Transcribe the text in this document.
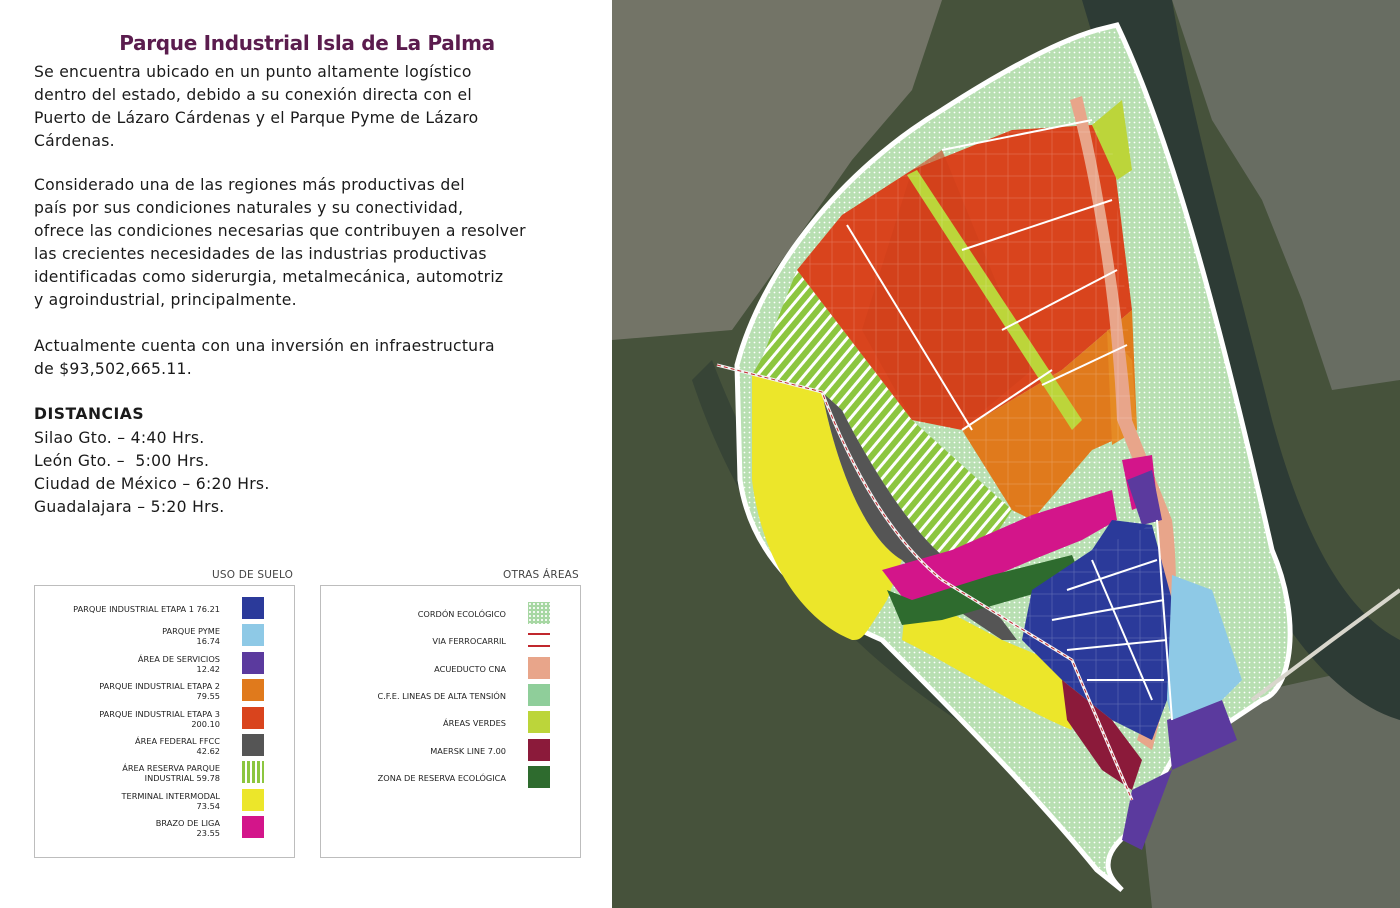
Parque Industrial Isla de La Palma
Se encuentra ubicado en un punto altamente logístico
dentro del estado, debido a su conexión directa con el
Puerto de Lázaro Cárdenas y el Parque Pyme de Lázaro
Cárdenas.
Considerado una de las regiones más productivas del
país por sus condiciones naturales y su conectividad,
ofrece las condiciones necesarias que contribuyen a resolver
las crecientes necesidades de las industrias productivas
identificadas como siderurgia, metalmecánica, automotriz
y agroindustrial, principalmente.
Actualmente cuenta con una inversión en infraestructura
de $93,502,665.11.
DISTANCIAS
Silao Gto. – 4:40 Hrs.
León Gto. –  5:00 Hrs.
Ciudad de México – 6:20 Hrs.
Guadalajara – 5:20 Hrs.
USO DE SUELO	OTRAS ÁREAS
PARQUE INDUSTRIAL ETAPA 1 76.21
PARQUE PYME
16.74
ÁREA DE SERVICIOS
12.42
PARQUE INDUSTRIAL ETAPA 2
79.55
PARQUE INDUSTRIAL ETAPA 3
200.10
ÁREA FEDERAL FFCC
42.62
ÁREA RESERVA PARQUE
INDUSTRIAL 59.78
TERMINAL INTERMODAL
73.54
BRAZO DE LIGA
23.55
CORDÓN ECOLÓGICO
VIA FERROCARRIL
ACUEDUCTO CNA
C.F.E. LINEAS DE ALTA TENSIÓN
ÁREAS VERDES
MAERSK LINE 7.00
ZONA DE RESERVA ECOLÓGICA
